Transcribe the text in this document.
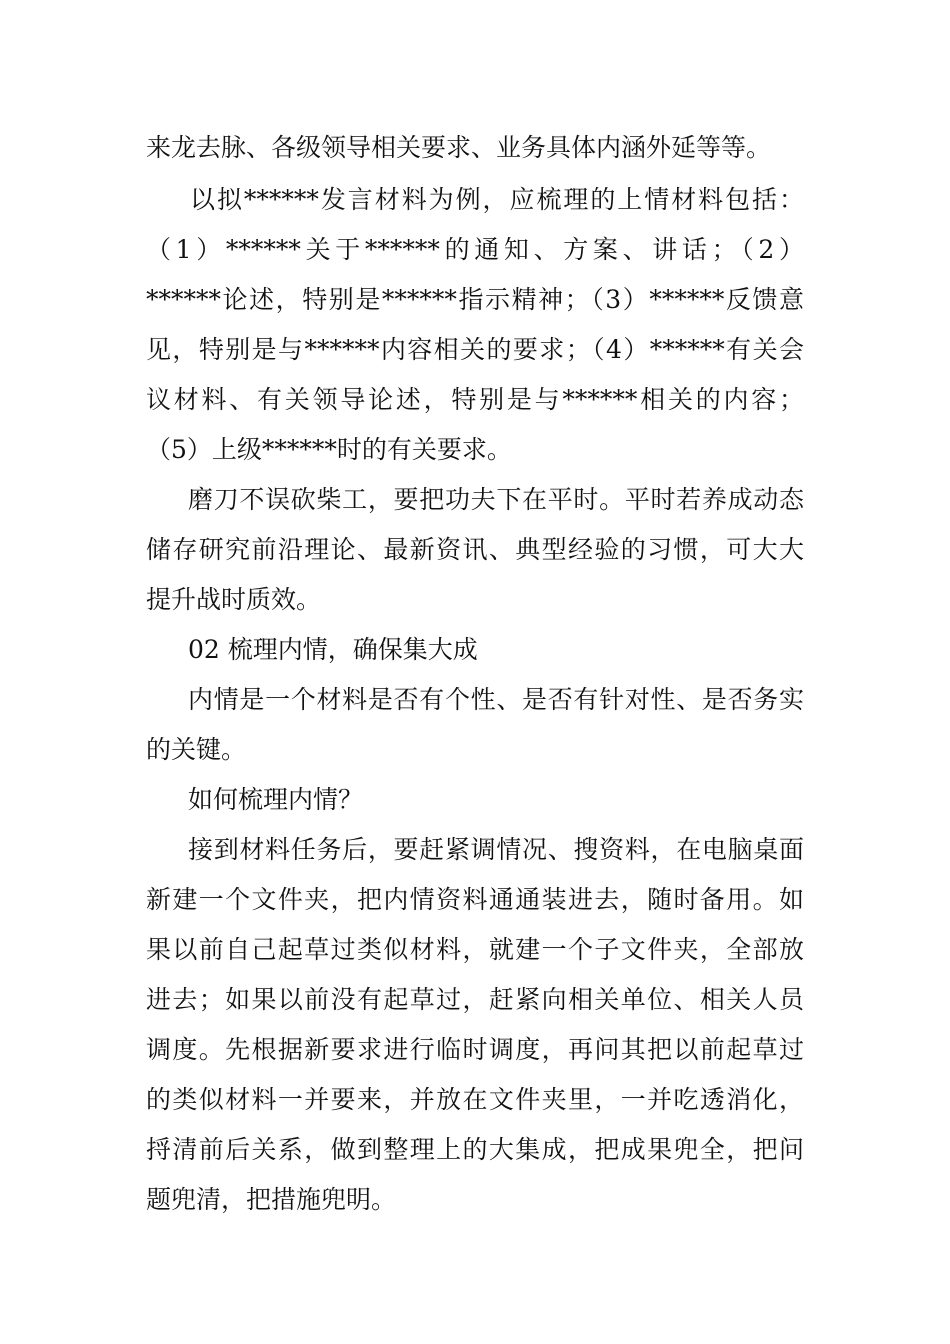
来龙去脉、各级领导相关要求、业务具体内涵外延等等。

以拟******发言材料为例，应梳理的上情材料包括：

（1）******关于******的通知、方案、讲话；（2）

******论述，特别是******指示精神；（3）******反馈意

见，特别是与******内容相关的要求；（4）******有关会

议材料、有关领导论述，特别是与******相关的内容；

（5）上级******时的有关要求。

磨刀不误砍柴工，要把功夫下在平时。平时若养成动态

储存研究前沿理论、最新资讯、典型经验的习惯，可大大

提升战时质效。

02 梳理内情，确保集大成

内情是一个材料是否有个性、是否有针对性、是否务实

的关键。

如何梳理内情？

接到材料任务后，要赶紧调情况、搜资料，在电脑桌面

新建一个文件夹，把内情资料通通装进去，随时备用。如

果以前自己起草过类似材料，就建一个子文件夹，全部放

进去；如果以前没有起草过，赶紧向相关单位、相关人员

调度。先根据新要求进行临时调度，再问其把以前起草过

的类似材料一并要来，并放在文件夹里，一并吃透消化，

捋清前后关系，做到整理上的大集成，把成果兜全，把问

题兜清，把措施兜明。
